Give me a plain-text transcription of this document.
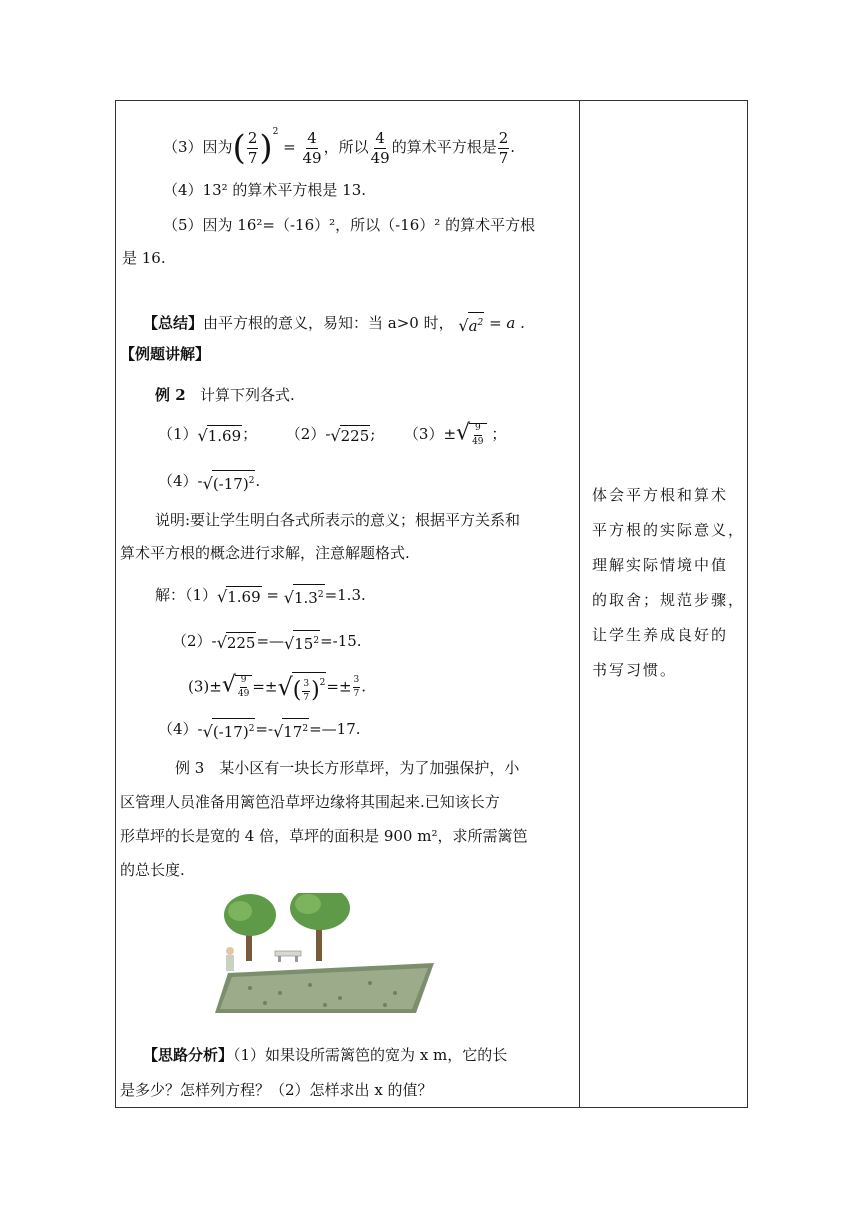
（3）因为( $\frac{2}{7} )^2 = \frac{4}{49}$ ，所以 $\frac{4}{49}$ 的算术平方根是 $\frac{2}{7}$ .
（4）13² 的算术平方根是 13.
（5）因为 16²=（-16）²，所以（-16）² 的算术平方根
是 16.
【总结】由平方根的意义，易知：当 a>0 时， $√a^2 = a$ .
【例题讲解】
例 2 计算下列各式.
（1）√1.69； （2）-√225; $(3)\pm√ \frac{9}{49}$ ；
$(4)-√(-17)^2$.
说明:要让学生明白各式所表示的意义；根据平方关系和
算术平方根的概念进行求解，注意解题格式.
解：$(1)√1.69 = √1.3^2=1.3$.
$(2)-√225=—√15^2=-15$.
$(3)\pm√ \frac{9}{49}$ =±√( $\frac{3}{7} )^2=\pm \frac{3}{7}$ .
$(4)-√(-17)^2=-√17^2=—17$.
例 3　某小区有一块长方形草坪，为了加强保护，小
区管理人员准备用篱笆沿草坪边缘将其围起来.已知该长方
形草坪的长是宽的 4 倍，草坪的面积是 900 m²，求所需篱笆
的总长度.
【思路分析】（1）如果设所需篱笆的宽为 x m，它的长
是多少？怎样列方程？（2）怎样求出 x 的值？
体会平方根和算术
平方根的实际意义，
理解实际情境中值
的取舍；规范步骤，
让学生养成良好的
书写习惯。
